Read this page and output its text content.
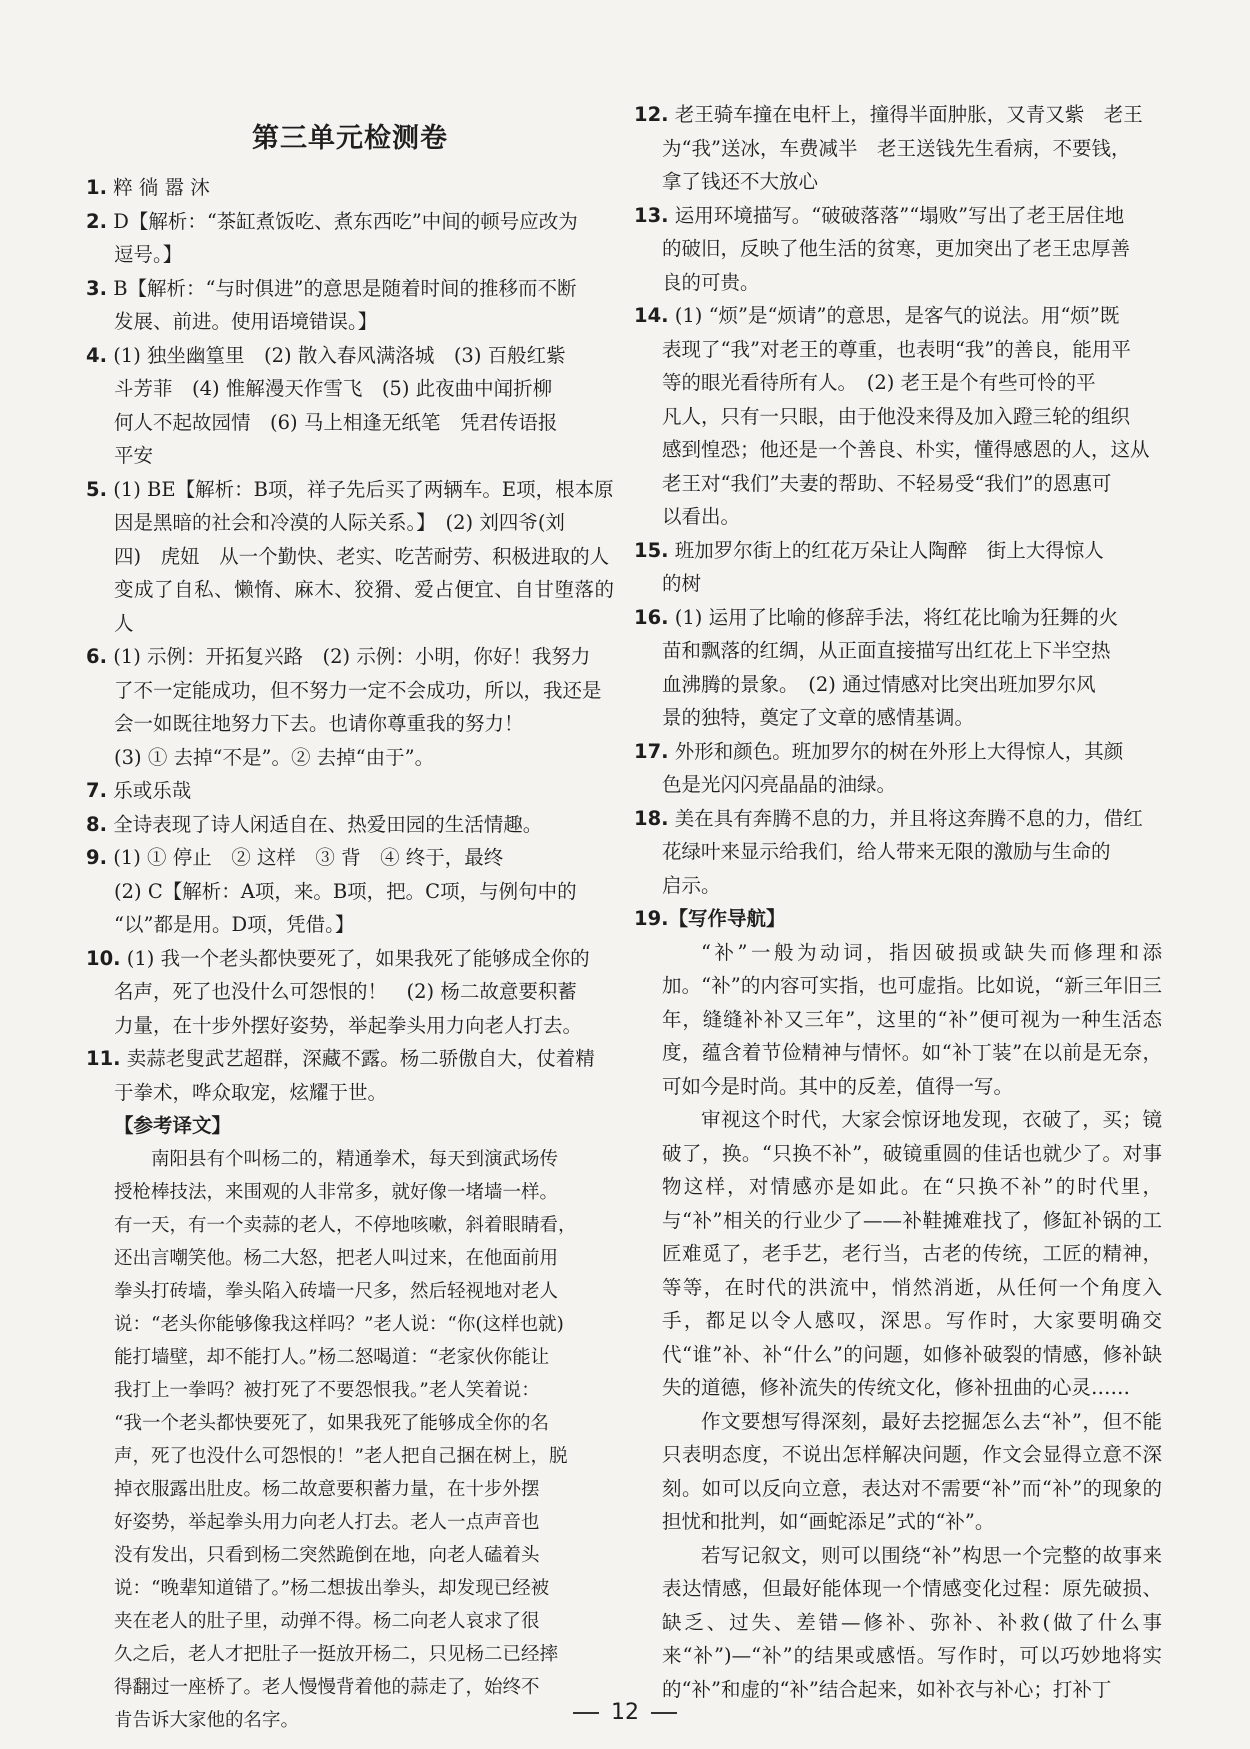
第三单元检测卷
1. 粹 徜 嚣 沐
2. D【解析：“茶缸煮饭吃、煮东西吃”中间的顿号应改为
逗号。】
3. B【解析：“与时俱进”的意思是随着时间的推移而不断
发展、前进。使用语境错误。】
4. (1) 独坐幽篁里　(2) 散入春风满洛城　(3) 百般红紫
斗芳菲　(4) 惟解漫天作雪飞　(5) 此夜曲中闻折柳
何人不起故园情　(6) 马上相逢无纸笔　凭君传语报
平安
5. (1) BE【解析：B项，祥子先后买了两辆车。E项，根本原
因是黑暗的社会和冷漠的人际关系。】　(2) 刘四爷(刘
四)　虎妞　从一个勤快、老实、吃苦耐劳、积极进取的人
变成了自私、懒惰、麻木、狡猾、爱占便宜、自甘堕落的人
6. (1) 示例：开拓复兴路　(2) 示例：小明，你好！我努力
了不一定能成功，但不努力一定不会成功，所以，我还是
会一如既往地努力下去。也请你尊重我的努力！
(3) ① 去掉“不是”。② 去掉“由于”。
7. 乐或乐哉
8. 全诗表现了诗人闲适自在、热爱田园的生活情趣。
9. (1) ① 停止　② 这样　③ 背　④ 终于，最终
(2) C【解析：A项，来。B项，把。C项，与例句中的
“以”都是用。D项，凭借。】
10. (1) 我一个老头都快要死了，如果我死了能够成全你的
名声，死了也没什么可怨恨的！　(2) 杨二故意要积蓄
力量，在十步外摆好姿势，举起拳头用力向老人打去。
11. 卖蒜老叟武艺超群，深藏不露。杨二骄傲自大，仗着精
于拳术，哗众取宠，炫耀于世。
【参考译文】
南阳县有个叫杨二的，精通拳术，每天到演武场传
授枪棒技法，来围观的人非常多，就好像一堵墙一样。
有一天，有一个卖蒜的老人，不停地咳嗽，斜着眼睛看，
还出言嘲笑他。杨二大怒，把老人叫过来，在他面前用
拳头打砖墙，拳头陷入砖墙一尺多，然后轻视地对老人
说：“老头你能够像我这样吗？”老人说：“你(这样也就)
能打墙壁，却不能打人。”杨二怒喝道：“老家伙你能让
我打上一拳吗？被打死了不要怨恨我。”老人笑着说：
“我一个老头都快要死了，如果我死了能够成全你的名
声，死了也没什么可怨恨的！”老人把自己捆在树上，脱
掉衣服露出肚皮。杨二故意要积蓄力量，在十步外摆
好姿势，举起拳头用力向老人打去。老人一点声音也
没有发出，只看到杨二突然跪倒在地，向老人磕着头
说：“晚辈知道错了。”杨二想拔出拳头，却发现已经被
夹在老人的肚子里，动弹不得。杨二向老人哀求了很
久之后，老人才把肚子一挺放开杨二，只见杨二已经摔
得翻过一座桥了。老人慢慢背着他的蒜走了，始终不
肯告诉大家他的名字。
12. 老王骑车撞在电杆上，撞得半面肿胀，又青又紫　老王
为“我”送冰，车费减半　老王送钱先生看病，不要钱，
拿了钱还不大放心
13. 运用环境描写。“破破落落”“塌败”写出了老王居住地
的破旧，反映了他生活的贫寒，更加突出了老王忠厚善
良的可贵。
14. (1) “烦”是“烦请”的意思，是客气的说法。用“烦”既
表现了“我”对老王的尊重，也表明“我”的善良，能用平
等的眼光看待所有人。　(2) 老王是个有些可怜的平
凡人，只有一只眼，由于他没来得及加入蹬三轮的组织
感到惶恐；他还是一个善良、朴实，懂得感恩的人，这从
老王对“我们”夫妻的帮助、不轻易受“我们”的恩惠可
以看出。
15. 班加罗尔街上的红花万朵让人陶醉　街上大得惊人
的树
16. (1) 运用了比喻的修辞手法，将红花比喻为狂舞的火
苗和飘落的红绸，从正面直接描写出红花上下半空热
血沸腾的景象。　(2) 通过情感对比突出班加罗尔风
景的独特，奠定了文章的感情基调。
17. 外形和颜色。班加罗尔的树在外形上大得惊人，其颜
色是光闪闪亮晶晶的油绿。
18. 美在具有奔腾不息的力，并且将这奔腾不息的力，借红
花绿叶来显示给我们，给人带来无限的激励与生命的
启示。
19.【写作导航】

“补”一般为动词，指因破损或缺失而修理和添加。“补”的内容可实指，也可虚指。比如说，“新三年旧三年，缝缝补补又三年”，这里的“补”便可视为一种生活态度，蕴含着节俭精神与情怀。如“补丁装”在以前是无奈，可如今是时尚。其中的反差，值得一写。

审视这个时代，大家会惊讶地发现，衣破了，买；镜破了，换。“只换不补”，破镜重圆的佳话也就少了。对事物这样，对情感亦是如此。在“只换不补”的时代里，与“补”相关的行业少了——补鞋摊难找了，修缸补锅的工匠难觅了，老手艺，老行当，古老的传统，工匠的精神，等等，在时代的洪流中，悄然消逝，从任何一个角度入手，都足以令人感叹，深思。写作时，大家要明确交代“谁”补、补“什么”的问题，如修补破裂的情感，修补缺失的道德，修补流失的传统文化，修补扭曲的心灵……

作文要想写得深刻，最好去挖掘怎么去“补”，但不能只表明态度，不说出怎样解决问题，作文会显得立意不深刻。如可以反向立意，表达对不需要“补”而“补”的现象的担忧和批判，如“画蛇添足”式的“补”。

若写记叙文，则可以围绕“补”构思一个完整的故事来表达情感，但最好能体现一个情感变化过程：原先破损、缺乏、过失、差错—修补、弥补、补救(做了什么事来“补”)—“补”的结果或感悟。写作时，可以巧妙地将实的“补”和虚的“补”结合起来，如补衣与补心；打补丁

12
